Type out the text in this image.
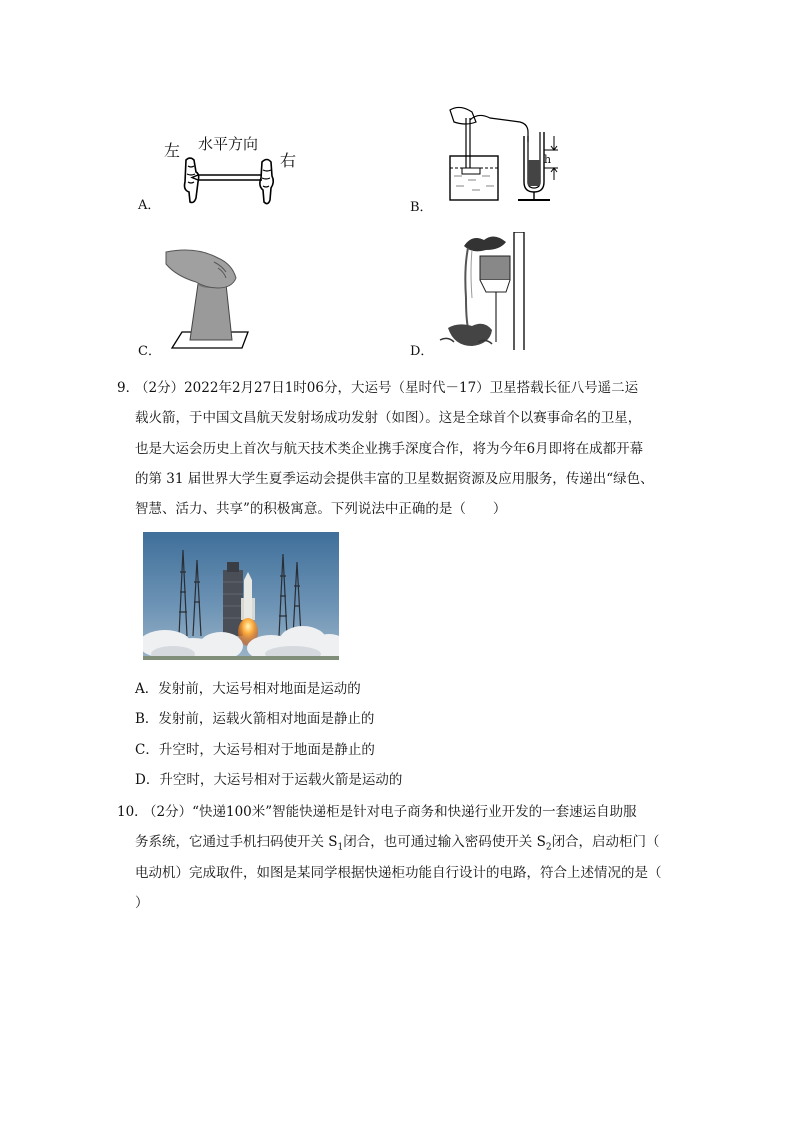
左 水平方向
右
A．
h
B．
C．	D．
9．
（2分）2022年2月27日1时06分，大运号（星时代－17）卫星搭载长征八号遥二运
载火箭，于中国文昌航天发射场成功发射（如图）。这是全球首个以赛事命名的卫星，
也是大运会历史上首次与航天技术类企业携手深度合作，将为今年6月即将在成都开幕
的第 31 届世界大学生夏季运动会提供丰富的卫星数据资源及应用服务，传递出“绿色、
智慧、活力、共享”的积极寓意。下列说法中正确的是（　　）
A．发射前，大运号相对地面是运动的
B．发射前，运载火箭相对地面是静止的
C．升空时，大运号相对于地面是静止的
D．升空时，大运号相对于运载火箭是运动的
10．
（2分）“快递100米”智能快递柜是针对电子商务和快递行业开发的一套速运自助服
务系统，它通过手机扫码使开关 $S_1$闭合，也可通过输入密码使开关 $S_2$闭合，启动柜门（
电动机）完成取件，如图是某同学根据快递柜功能自行设计的电路，符合上述情况的是（
）
